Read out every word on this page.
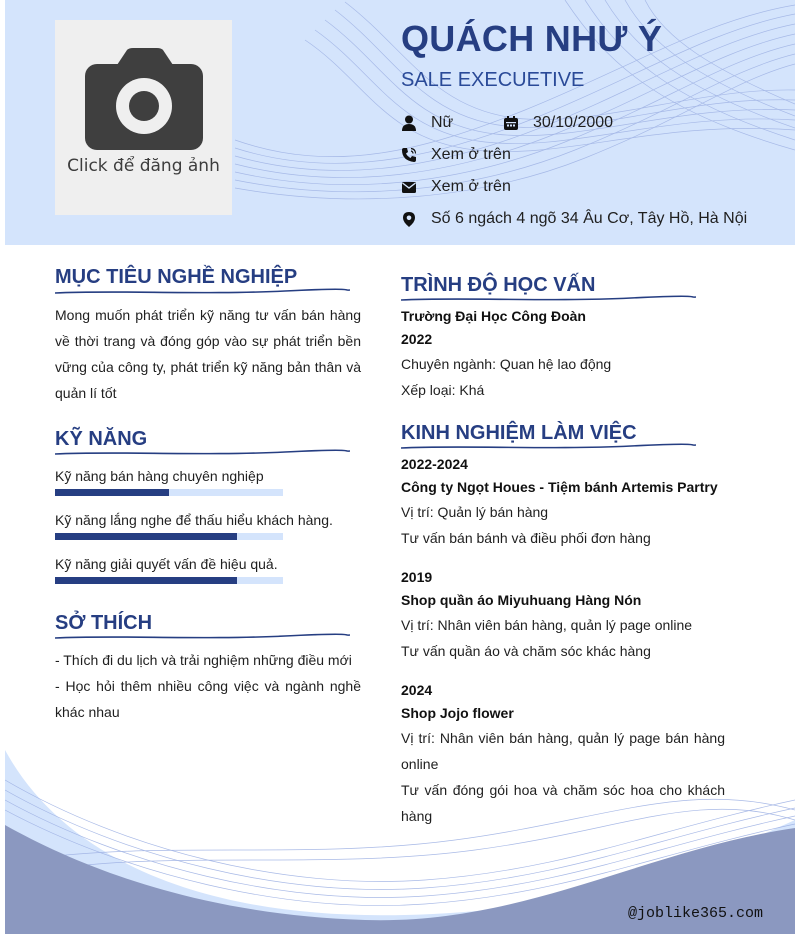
Click để đăng ảnh
QUÁCH NHƯ Ý
SALE EXECUETIVE
Nữ	30/10/2000
Xem ở trên
Xem ở trên
Số 6 ngách 4 ngõ 34 Âu Cơ, Tây Hồ, Hà Nội
MỤC TIÊU NGHỀ NGHIỆP
Mong muốn phát triển kỹ năng tư vấn bán hàng
về thời trang và đóng góp vào sự phát triển bền
vững của công ty, phát triển kỹ năng bản thân và
quản lí tốt
KỸ NĂNG
Kỹ năng bán hàng chuyên nghiệp
Kỹ năng lắng nghe để thấu hiểu khách hàng.
Kỹ năng giải quyết vấn đề hiệu quả.
SỞ THÍCH
- Thích đi du lịch và trải nghiệm những điều mới
- Học hỏi thêm nhiều công việc và ngành nghề
khác nhau
TRÌNH ĐỘ HỌC VẤN
Trường Đại Học Công Đoàn
2022
Chuyên ngành: Quan hệ lao động
Xếp loại: Khá
KINH NGHIỆM LÀM VIỆC
2022-2024
Công ty Ngọt Houes - Tiệm bánh Artemis Partry
Vị trí: Quản lý bán hàng
Tư vấn bán bánh và điều phối đơn hàng
2019
Shop quần áo Miyuhuang Hàng Nón
Vị trí: Nhân viên bán hàng, quản lý page online
Tư vấn quần áo và chăm sóc khác hàng
2024
Shop Jojo flower
Vị trí: Nhân viên bán hàng, quản lý page bán hàng
online
Tư vấn đóng gói hoa và chăm sóc hoa cho khách
hàng
@joblike365.com
